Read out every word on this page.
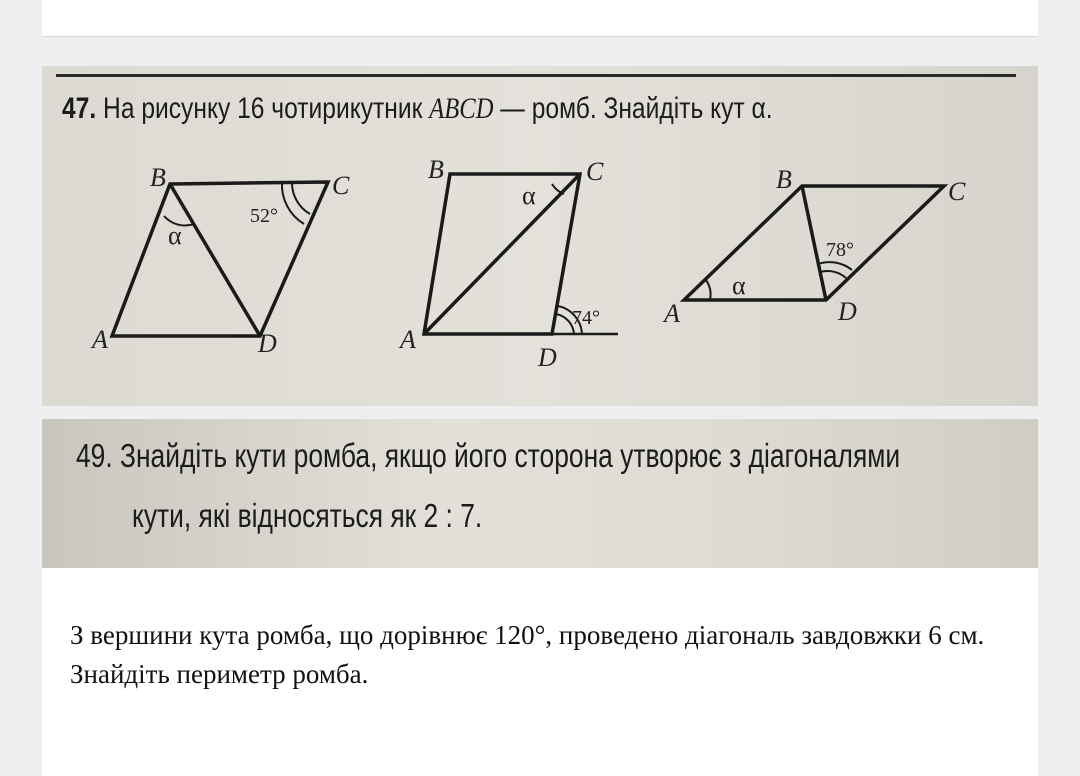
47. На рисунку 16 чотирикутник ABCD — ромб. Знайдіть кут α.
B	C
A	D
α
52°
B	C
A
D
α
74°
B	C
A	D
α
78°
49. Знайдіть кути ромба, якщо його сторона утворює з діагоналями
кути, які відносяться як 2 : 7.
З вершини кута ромба, що дорівнює 120°, проведено діагональ завдовжки 6 см. Знайдіть периметр ромба.
